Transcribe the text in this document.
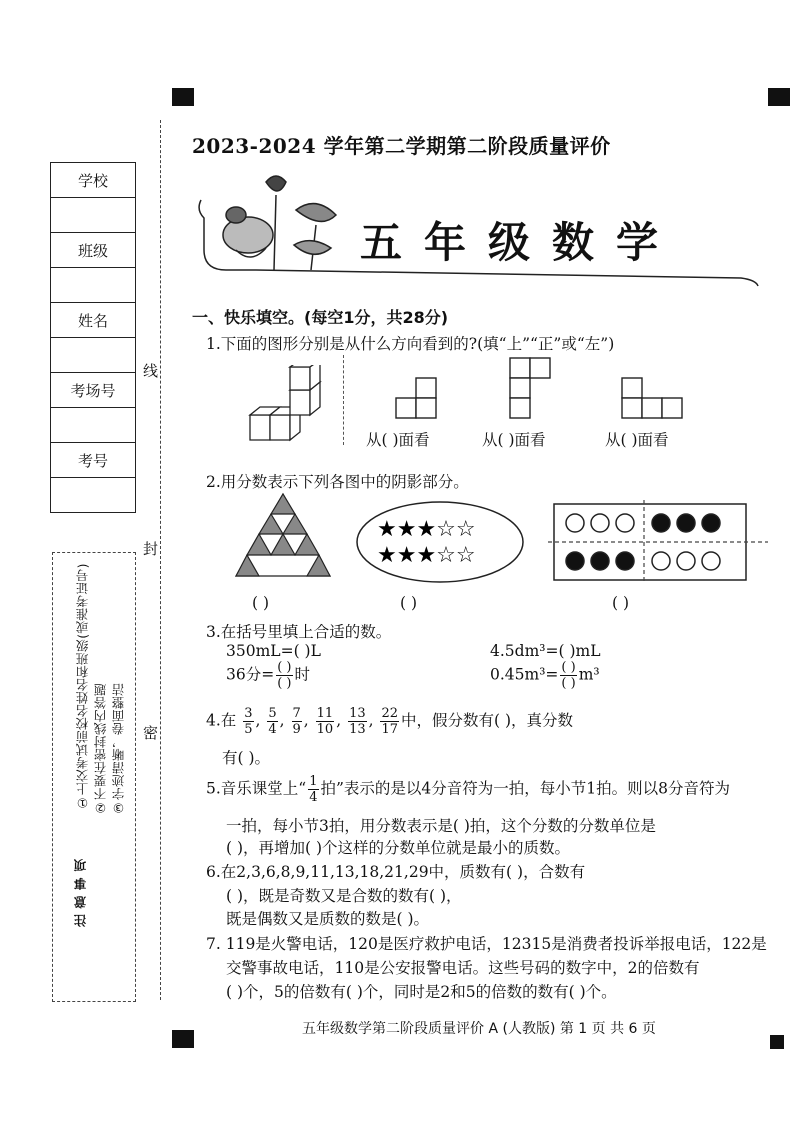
学校
班级
姓名
考场号
考号
线
封
密
注意事项
①上交考试前校名姓名和班级(或准考证号) ②不要在密封线内答题 ③字迹清晰，卷面整洁
2023-2024 学年第二学期第二阶段质量评价
五年级数学
一、快乐填空。(每空1分，共28分)
1.下面的图形分别是从什么方向看到的?(填“上”“正”或“左”)
从( )面看	从( )面看	从( )面看
2.用分数表示下列各图中的阴影部分。
★★★☆☆
★★★☆☆
( )	( )	( )
3.在括号里填上合适的数。
350mL=( )L	4.5dm³=( )mL
36分= $\frac{( )}{( )}$ 时	$0.45m^3= \frac{( )}{( )} m^3$
4.在 $\frac{3}{5}$ , $\frac{5}{4}$ , $\frac{7}{9}$ , $\frac{11}{10}$ , $\frac{13}{13}$ , $\frac{22}{17}$ 中，假分数有( )，真分数
有( )。
5.音乐课堂上“ $\frac{1}{4}$ 拍”表示的是以4分音符为一拍，每小节1拍。则以8分音符为
一拍，每小节3拍，用分数表示是( )拍，这个分数的分数单位是
( )，再增加( )个这样的分数单位就是最小的质数。
6.在2,3,6,8,9,11,13,18,21,29中，质数有( )，合数有
( )，既是奇数又是合数的数有( )，
既是偶数又是质数的数是( )。
7. 119是火警电话，120是医疗救护电话，12315是消费者投诉举报电话，122是
交警事故电话，110是公安报警电话。这些号码的数字中，2的倍数有
( )个，5的倍数有( )个，同时是2和5的倍数的数有( )个。
五年级数学第二阶段质量评价 A (人教版) 第 1 页 共 6 页
